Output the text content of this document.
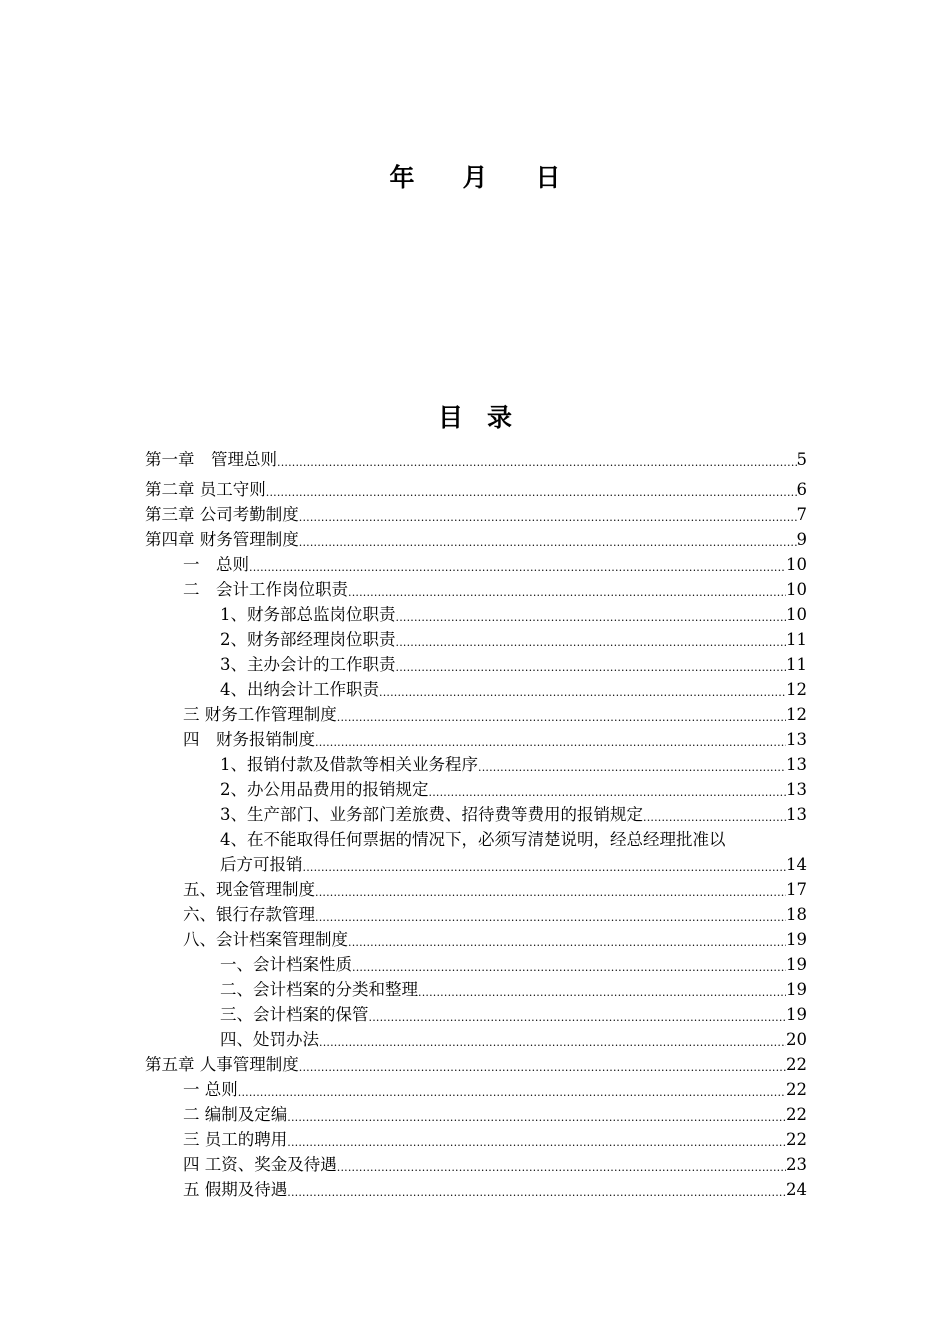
年 月 日
目 录
第一章　管理总则 .....	5
第二章 员工守则 .....	6
第三章 公司考勤制度 .....	7
第四章 财务管理制度 .....	9
一　总则 .....	10
二　会计工作岗位职责 .....	10
1、财务部总监岗位职责 .....	10
2、财务部经理岗位职责 .....	11
3、主办会计的工作职责 .....	11
4、出纳会计工作职责 .....	12
三 财务工作管理制度 .....	12
四　财务报销制度 .....	13
1、报销付款及借款等相关业务程序 .....	13
2、办公用品费用的报销规定 .....	13
3、生产部门、业务部门差旅费、招待费等费用的报销规定 .....	13
4、在不能取得任何票据的情况下，必须写清楚说明，经总经理批准以
后方可报销 .....	14
五、现金管理制度 .....	17
六、银行存款管理 .....	18
八、会计档案管理制度 .....	19
一、会计档案性质 .....	19
二、会计档案的分类和整理 .....	19
三、会计档案的保管 .....	19
四、处罚办法 .....	20
第五章 人事管理制度 .....	22
一 总则 .....	22
二 编制及定编 .....	22
三 员工的聘用 .....	22
四 工资、奖金及待遇 .....	23
五 假期及待遇 .....	24
